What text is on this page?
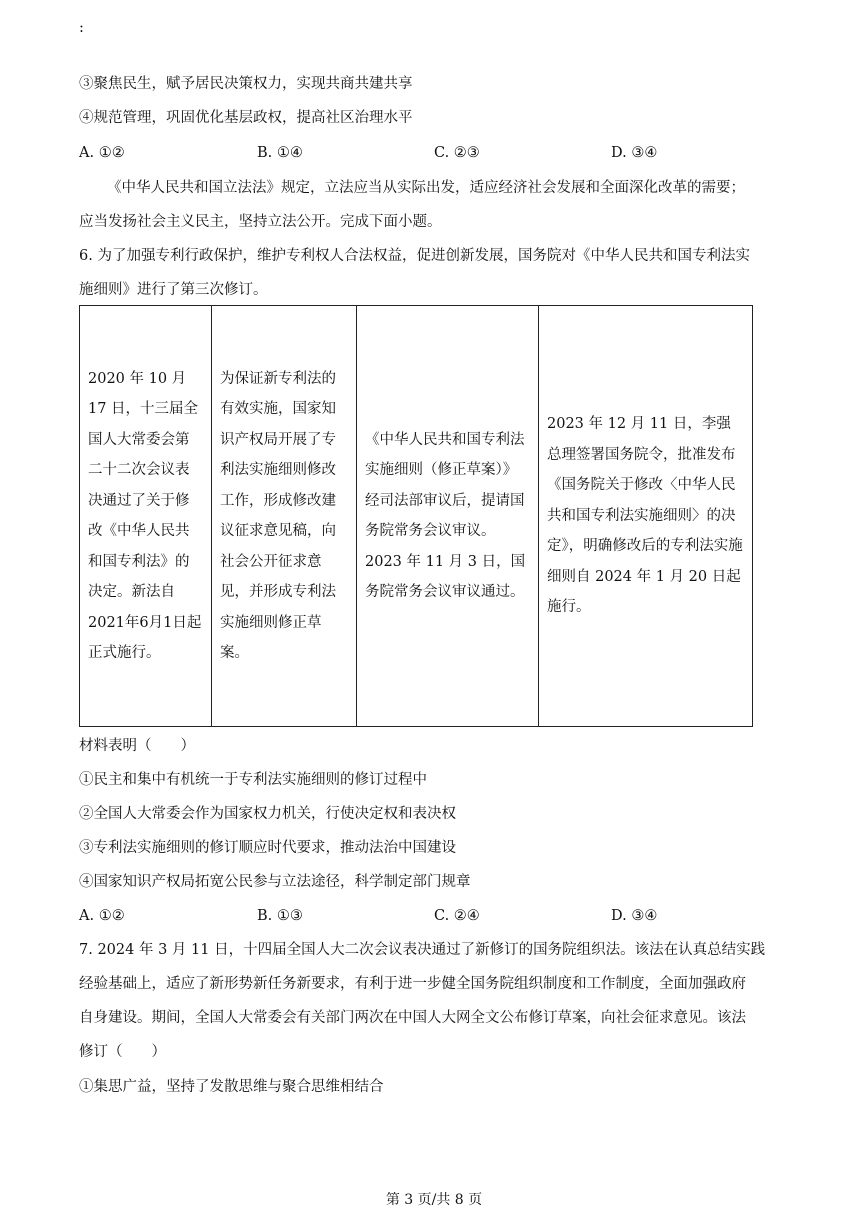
:
③聚焦民生，赋予居民决策权力，实现共商共建共享
④规范管理，巩固优化基层政权，提高社区治理水平
A. ①②	B. ①④	C. ②③	D. ③④
《中华人民共和国立法法》规定，立法应当从实际出发，适应经济社会发展和全面深化改革的需要；
应当发扬社会主义民主，坚持立法公开。完成下面小题。
6. 为了加强专利行政保护，维护专利权人合法权益，促进创新发展，国务院对《中华人民共和国专利法实
施细则》进行了第三次修订。
2020 年 10 月 17 日，十三届全国人大常委会第二十二次会议表决通过了关于修改《中华人民共和国专利法》的决定。新法自2021年6月1日起正式施行。	为保证新专利法的有效实施，国家知识产权局开展了专利法实施细则修改工作，形成修改建议征求意见稿，向社会公开征求意见，并形成专利法实施细则修正草案。	《中华人民共和国专利法实施细则（修正草案）》经司法部审议后，提请国务院常务会议审议。2023 年 11 月 3 日，国务院常务会议审议通过。	2023 年 12 月 11 日，李强总理签署国务院令，批准发布《国务院关于修改〈中华人民共和国专利法实施细则〉的决定》，明确修改后的专利法实施细则自 2024 年 1 月 20 日起施行。
材料表明（　　）
①民主和集中有机统一于专利法实施细则的修订过程中
②全国人大常委会作为国家权力机关，行使决定权和表决权
③专利法实施细则的修订顺应时代要求，推动法治中国建设
④国家知识产权局拓宽公民参与立法途径，科学制定部门规章
A. ①②	B. ①③	C. ②④	D. ③④
7. 2024 年 3 月 11 日，十四届全国人大二次会议表决通过了新修订的国务院组织法。该法在认真总结实践
经验基础上，适应了新形势新任务新要求，有利于进一步健全国务院组织制度和工作制度，全面加强政府
自身建设。期间，全国人大常委会有关部门两次在中国人大网全文公布修订草案，向社会征求意见。该法
修订（　　）
①集思广益，坚持了发散思维与聚合思维相结合
第 3 页/共 8 页
